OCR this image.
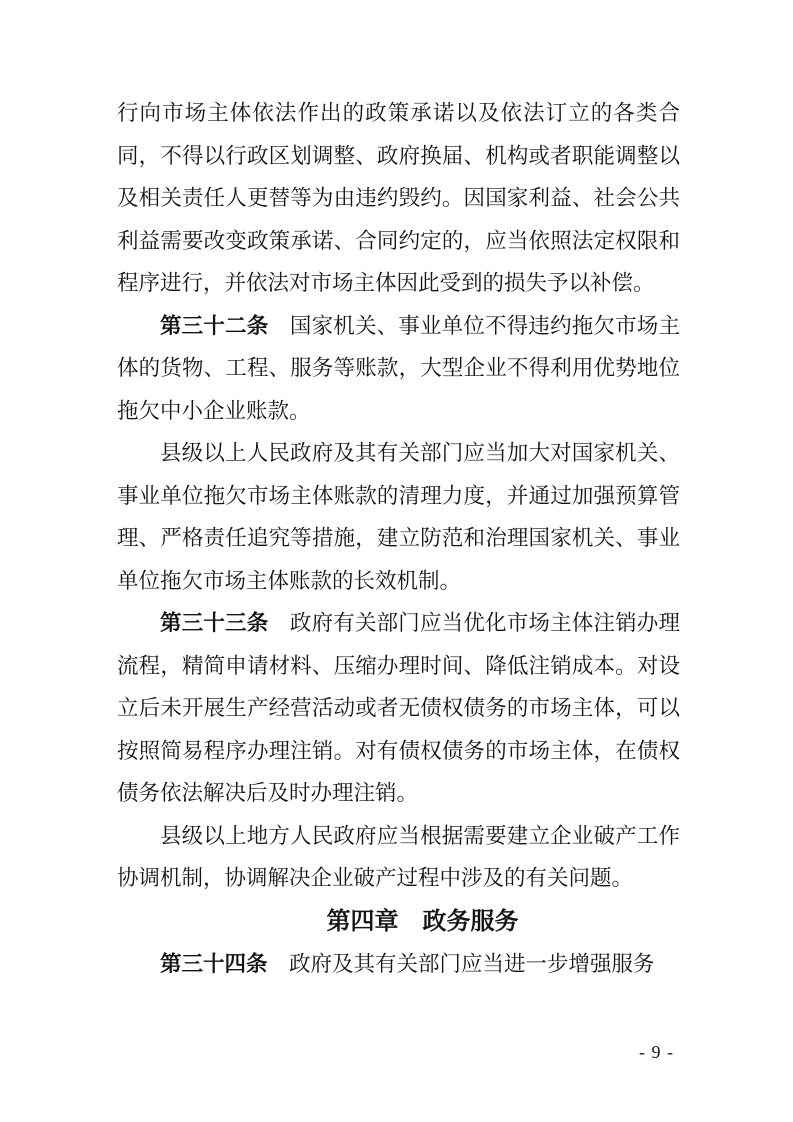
行向市场主体依法作出的政策承诺以及依法订立的各类合同，不得以行政区划调整、政府换届、机构或者职能调整以及相关责任人更替等为由违约毁约。因国家利益、社会公共利益需要改变政策承诺、合同约定的，应当依照法定权限和程序进行，并依法对市场主体因此受到的损失予以补偿。

第三十二条 国家机关、事业单位不得违约拖欠市场主体的货物、工程、服务等账款，大型企业不得利用优势地位拖欠中小企业账款。

县级以上人民政府及其有关部门应当加大对国家机关、事业单位拖欠市场主体账款的清理力度，并通过加强预算管理、严格责任追究等措施，建立防范和治理国家机关、事业单位拖欠市场主体账款的长效机制。

第三十三条 政府有关部门应当优化市场主体注销办理流程，精简申请材料、压缩办理时间、降低注销成本。对设立后未开展生产经营活动或者无债权债务的市场主体，可以按照简易程序办理注销。对有债权债务的市场主体，在债权债务依法解决后及时办理注销。

县级以上地方人民政府应当根据需要建立企业破产工作协调机制，协调解决企业破产过程中涉及的有关问题。

第四章 政务服务

第三十四条 政府及其有关部门应当进一步增强服务

- 9 -
